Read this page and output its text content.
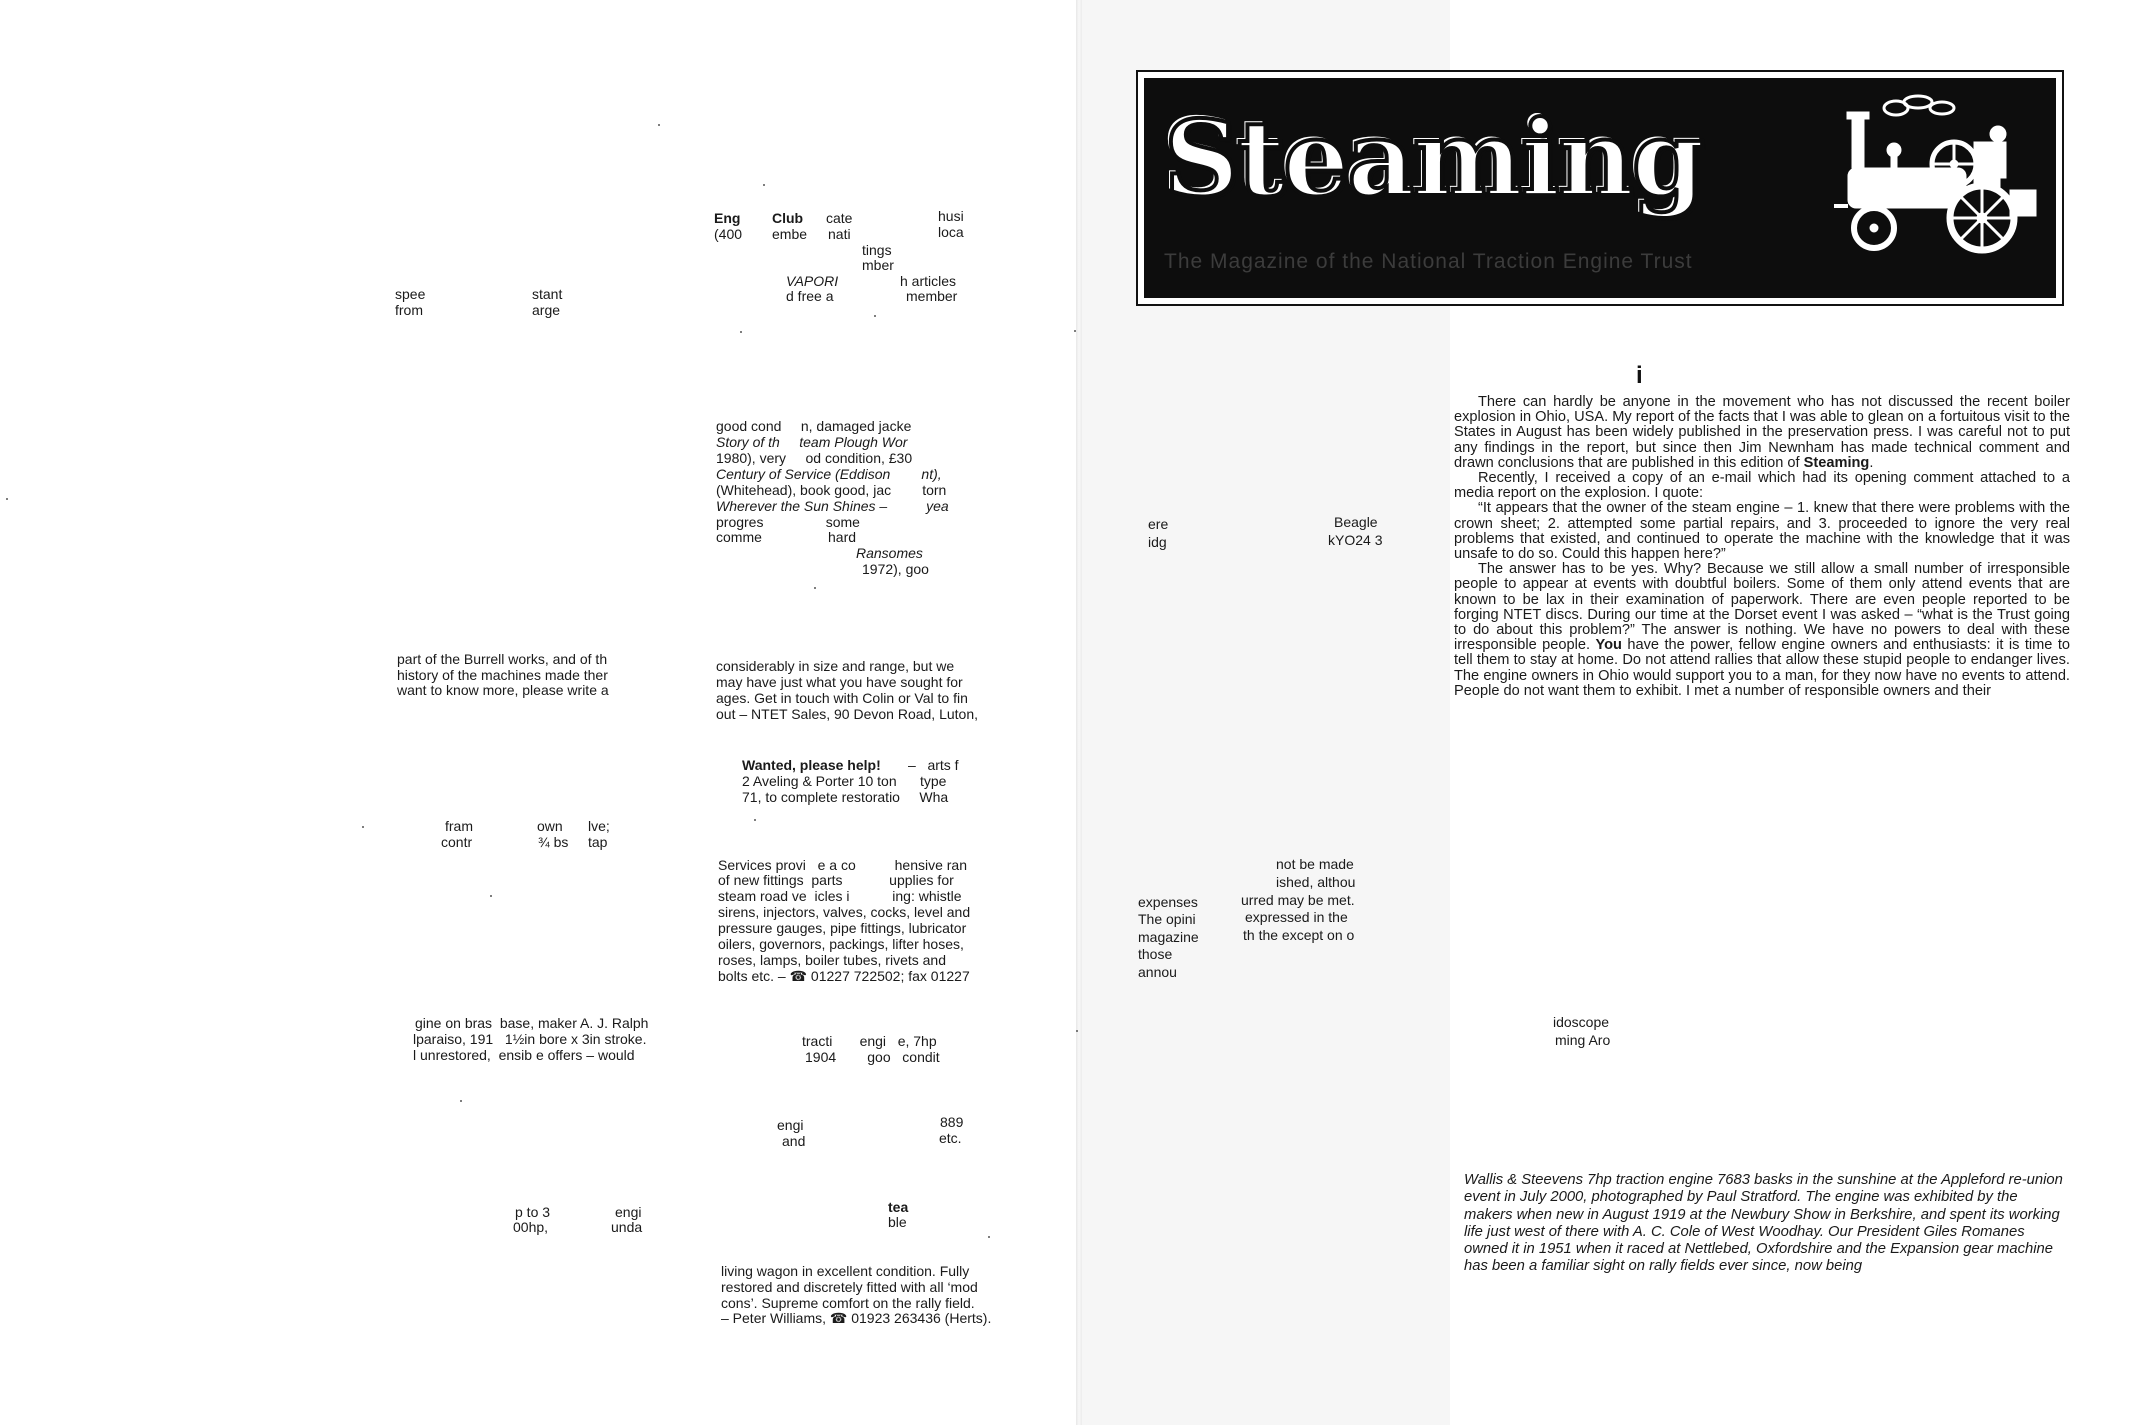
Eng Club cate	husi
(400 embe nati	loca
tings
mber
VAPORI	h articles
d free a	member
spee	stant
from	arge
good cond     n, damaged jacke
Story of th     team Plough Wor
1980), very     od condition, £30
Century of Service (Eddison        nt),
(Whitehead), book good, jac        torn
Wherever the Sun Shines –          yea
progres                some
comme                 hard
Ransomes
1972), goo
part of the Burrell works, and of th
history of the machines made ther
want to know more, please write a
considerably in size and range, but we
may have just what you have sought for
ages. Get in touch with Colin or Val to fin
out – NTET Sales, 90 Devon Road, Luton,
Wanted, please help! –   arts f
2 Aveling & Porter 10 ton      type
71, to complete restoratio     Wha
fram	own lve;
contr	¾ bs tap
Services provi   e a co          hensive ran
of new fittings  parts            upplies for
steam road ve  icles i           ing: whistle
sirens, injectors, valves, cocks, level and
pressure gauges, pipe fittings, lubricator
oilers, governors, packings, lifter hoses,
roses, lamps, boiler tubes, rivets and
bolts etc. – ☎ 01227 722502; fax 01227
gine on bras  base, maker A. J. Ralph
lparaiso, 191   1½in bore x 3in stroke.
l unrestored,  ensib e offers – would
tracti       engi   e, 7hp
1904        goo   condit
engi	889
and	etc.
p to 3	engi
00hp,	unda
tea
ble
living wagon in excellent condition. Fully
restored and discretely fitted with all ‘mod
cons’. Supreme comfort on the rally field.
– Peter Williams, ☎ 01923 263436 (Herts).
Steaming
The Magazine of the National Traction Engine Trust
ere
idg
Beagle
kYO24 3
not be made
ished, althou
expenses	urred may be met.
The opini	expressed in the
magazine	th the except on o
those
annou
idoscope
ming Aro
i

There can hardly be anyone in the movement who has not discussed the recent boiler explosion in Ohio, USA. My report of the facts that I was able to glean on a fortuitous visit to the States in August has been widely published in the preservation press. I was careful not to put any findings in the report, but since then Jim Newnham has made technical comment and drawn conclusions that are published in this edition of Steaming.

Recently, I received a copy of an e-mail which had its opening comment attached to a media report on the explosion. I quote:

“It appears that the owner of the steam engine – 1. knew that there were problems with the crown sheet; 2. attempted some partial repairs, and 3. proceeded to ignore the very real problems that existed, and continued to operate the machine with the knowledge that it was unsafe to do so. Could this happen here?”

The answer has to be yes. Why? Because we still allow a small number of irresponsible people to appear at events with doubtful boilers. Some of them only attend events that are known to be lax in their examination of paperwork. There are even people reported to be forging NTET discs. During our time at the Dorset event I was asked – “what is the Trust going to do about this problem?” The answer is nothing. We have no powers to deal with these irresponsible people. You have the power, fellow engine owners and enthusiasts: it is time to tell them to stay at home. Do not attend rallies that allow these stupid people to endanger lives. The engine owners in Ohio would support you to a man, for they now have no events to attend. People do not want them to exhibit. I met a number of responsible owners and their

Wallis & Steevens 7hp traction engine 7683 basks in the sunshine at the Appleford re-union event in July 2000, photographed by Paul Stratford. The engine was exhibited by the makers when new in August 1919 at the Newbury Show in Berkshire, and spent its working life just west of there with A. C. Cole of West Woodhay. Our President Giles Romanes owned it in 1951 when it raced at Nettlebed, Oxfordshire and the Expansion gear machine has been a familiar sight on rally fields ever since, now being
